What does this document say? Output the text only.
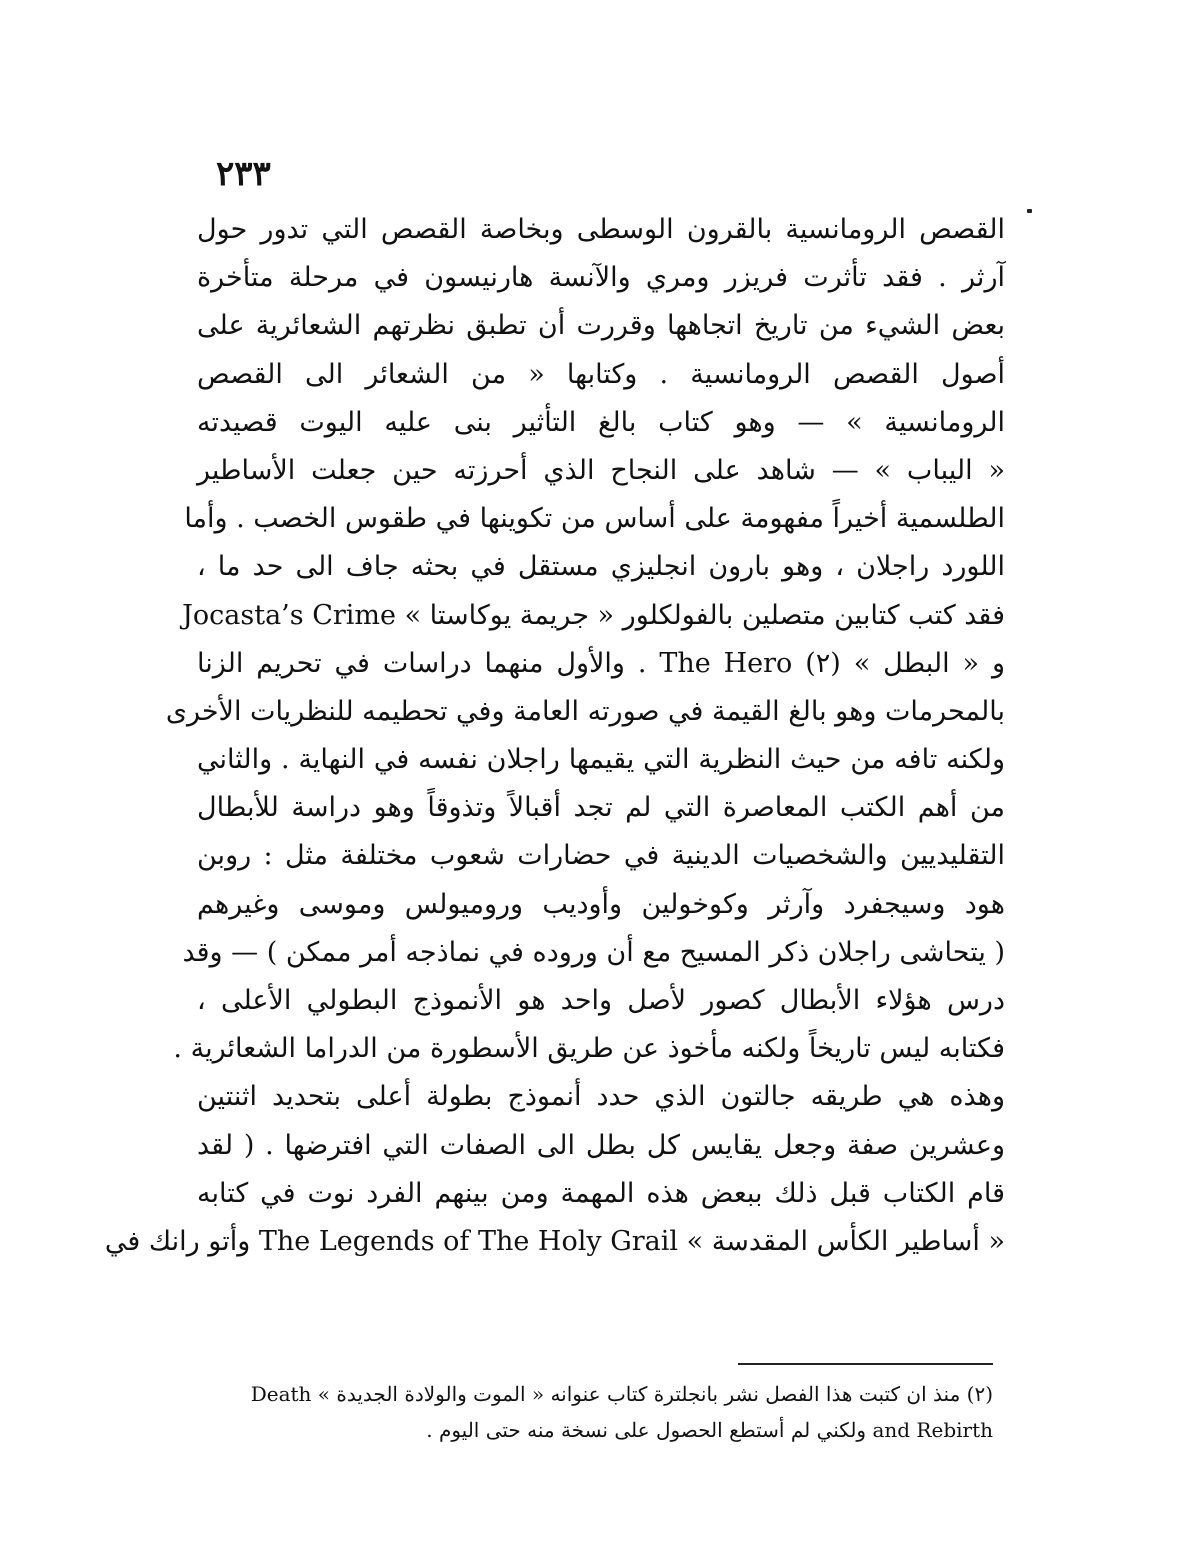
٢٣٣
القصص الرومانسية بالقرون الوسطى وبخاصة القصص التي تدور حول
آرثر . فقد تأثرت فريزر ومري والآنسة هارنيسون في مرحلة متأخرة
بعض الشيء من تاريخ اتجاهها وقررت أن تطبق نظرتهم الشعائرية على
أصول القصص الرومانسية . وكتابها « من الشعائر الى القصص
الرومانسية » — وهو كتاب بالغ التأثير بنى عليه اليوت قصيدته
« اليباب » — شاهد على النجاح الذي أحرزته حين جعلت الأساطير
الطلسمية أخيراً مفهومة على أساس من تكوينها في طقوس الخصب . وأما
اللورد راجلان ، وهو بارون انجليزي مستقل في بحثه جاف الى حد ما ،
فقد كتب كتابين متصلين بالفولكلور « جريمة يوكاستا » Jocasta’s Crime
و « البطل » (٢) The Hero . والأول منهما دراسات في تحريم الزنا
بالمحرمات وهو بالغ القيمة في صورته العامة وفي تحطيمه للنظريات الأخرى
ولكنه تافه من حيث النظرية التي يقيمها راجلان نفسه في النهاية . والثاني
من أهم الكتب المعاصرة التي لم تجد أقبالاً وتذوقاً وهو دراسة للأبطال
التقليديين والشخصيات الدينية في حضارات شعوب مختلفة مثل : روبن
هود وسيجفرد وآرثر وكوخولين وأوديب وروميولس وموسى وغيرهم
( يتحاشى راجلان ذكر المسيح مع أن وروده في نماذجه أمر ممكن ) — وقد
درس هؤلاء الأبطال كصور لأصل واحد هو الأنموذج البطولي الأعلى ،
فكتابه ليس تاريخاً ولكنه مأخوذ عن طريق الأسطورة من الدراما الشعائرية .
وهذه هي طريقه جالتون الذي حدد أنموذج بطولة أعلى بتحديد اثنتين
وعشرين صفة وجعل يقايس كل بطل الى الصفات التي افترضها . ( لقد
قام الكتاب قبل ذلك ببعض هذه المهمة ومن بينهم الفرد نوت في كتابه
« أساطير الكأس المقدسة » The Legends of The Holy Grail وأتو رانك في
(٢) منذ ان كتبت هذا الفصل نشر بانجلترة كتاب عنوانه « الموت والولادة الجديدة » Death
and Rebirth ولكني لم أستطع الحصول على نسخة منه حتى اليوم .
